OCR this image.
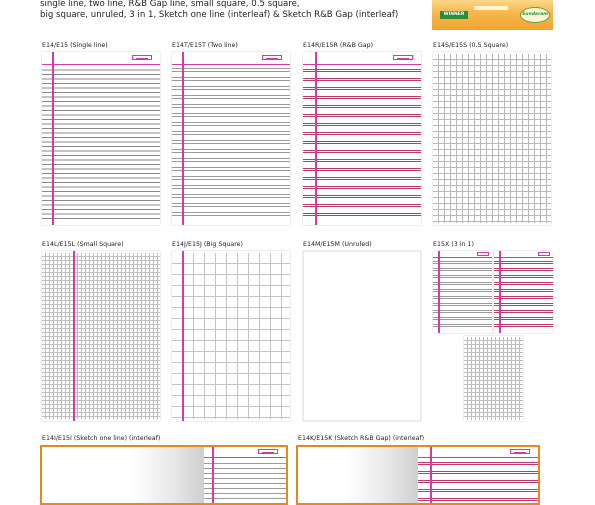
single line, two line, R&B Gap line, small square, 0.5 square,
big square, unruled, 3 in 1, Sketch one line (interleaf) & Sketch R&B Gap (interleaf)	WINNER	Sundaram
E14/E15 (Single line)	E14T/E15T (Two line)	E14R/E15R (R&B Gap)	E14S/E15S (0.5 Square)
E14L/E15L (Small Square)	E14J/E15J (Big Square)	E14M/E15M (Unruled)	E15X (3 in 1)
E14I/E15I (Sketch one line) (interleaf)	E14K/E15K (Sketch R&B Gap) (interleaf)
